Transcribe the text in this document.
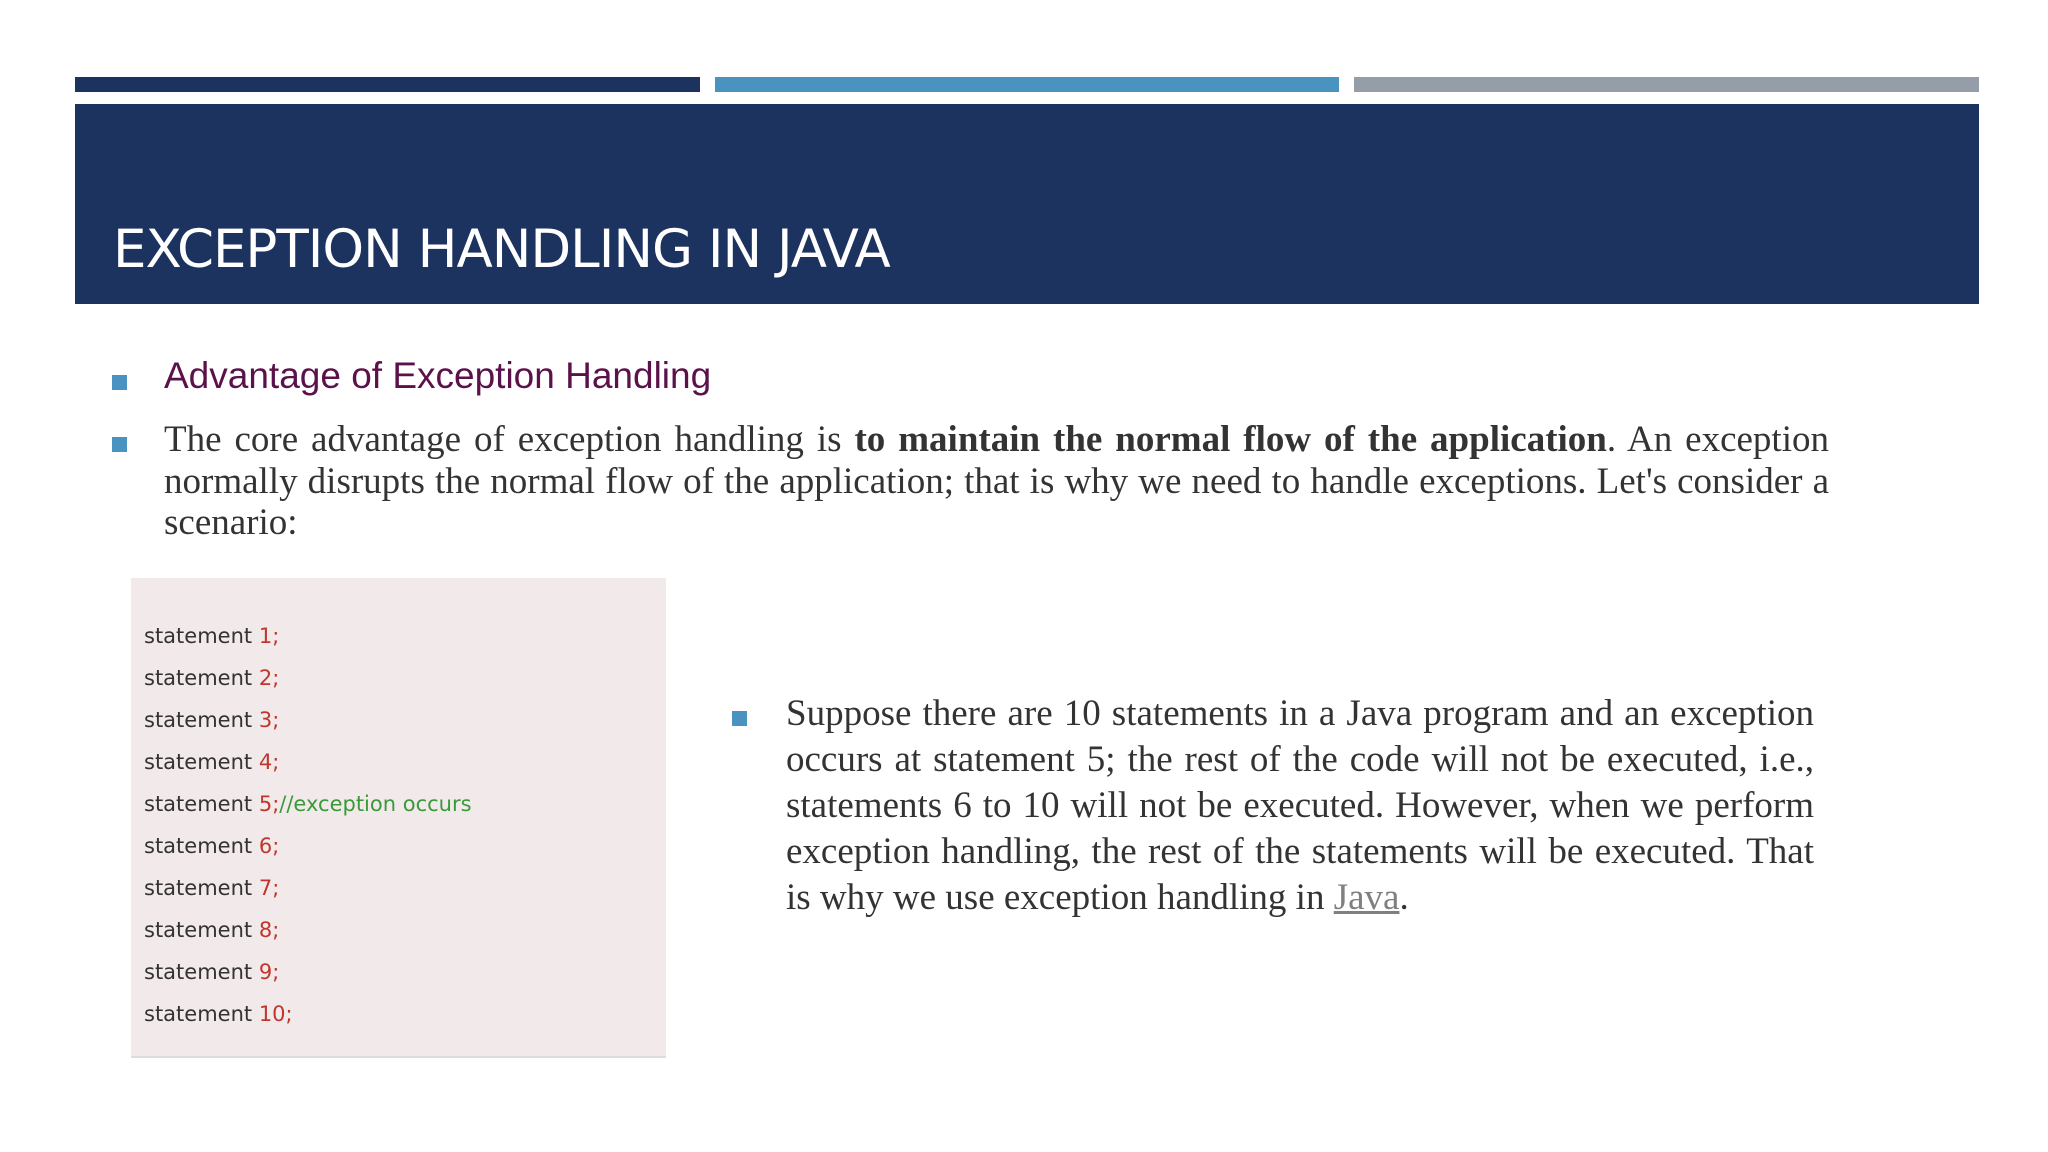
EXCEPTION HANDLING IN JAVA
Advantage of Exception Handling

The core advantage of exception handling is to maintain the normal flow of the application. An exception normally disrupts the normal flow of the application; that is why we need to handle exceptions. Let's consider a scenario:

statement 1;
statement 2;
statement 3;
statement 4;
statement 5;//exception occurs
statement 6;
statement 7;
statement 8;
statement 9;
statement 10;

Suppose there are 10 statements in a Java program and an exception occurs at statement 5; the rest of the code will not be executed, i.e., statements 6 to 10 will not be executed. However, when we perform exception handling, the rest of the statements will be executed. That is why we use exception handling in Java.
